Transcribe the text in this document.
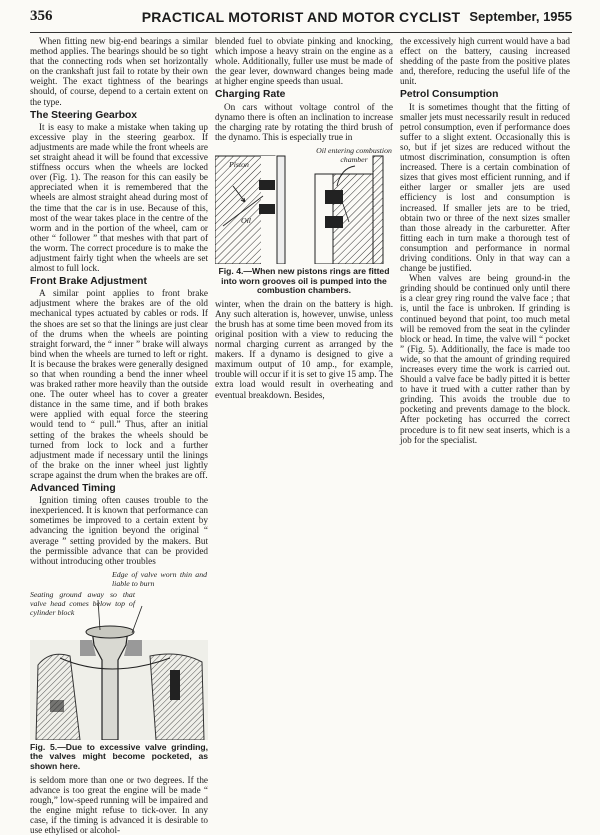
356	PRACTICAL MOTORIST AND MOTOR CYCLIST September, 1955

When fitting new big-end bearings a similar method applies. The bearings should be so tight that the connecting rods when set horizontally on the crankshaft just fail to rotate by their own weight. The exact tightness of the bearings should, of course, depend to a certain extent on the type.

The Steering Gearbox

It is easy to make a mistake when taking up excessive play in the steering gearbox. If adjustments are made while the front wheels are set straight ahead it will be found that excessive stiffness occurs when the wheels are locked over (Fig. 1). The reason for this can easily be appreciated when it is remembered that the wheels are almost straight ahead during most of the time that the car is in use. Because of this, most of the wear takes place in the centre of the worm and in the portion of the wheel, cam or other “ follower ” that meshes with that part of the worm. The correct procedure is to make the adjustment fairly tight when the wheels are set almost to full lock.

Front Brake Adjustment

A similar point applies to front brake adjustment where the brakes are of the old mechanical types actuated by cables or rods. If the shoes are set so that the linings are just clear of the drums when the wheels are pointing straight forward, the “ inner ” brake will always bind when the wheels are turned to left or right. It is because the brakes were generally designed so that when rounding a bend the inner wheel was braked rather more heavily than the outside one. The outer wheel has to cover a greater distance in the same time, and if both brakes were applied with equal force the steering would tend to “ pull.” Thus, after an initial setting of the brakes the wheels should be turned from lock to lock and a further adjustment made if necessary until the linings of the brake on the inner wheel just lightly scrape against the drum when the brakes are off.

Advanced Timing

Ignition timing often causes trouble to the inexperienced. It is known that performance can sometimes be improved to a certain extent by advancing the ignition beyond the original “ average ” setting provided by the makers. But the permissible advance that can be provided without introducing other troubles

Edge of valve worn thin and liable to burn
Seating ground away so that valve head comes below top of cylinder block
Fig. 5.—Due to excessive valve grinding, the valves might become pocketed, as shown here.

is seldom more than one or two degrees. If the advance is too great the engine will be made “ rough,” low-speed running will be impaired and the engine might refuse to tick-over. In any case, if the timing is advanced it is desirable to use ethylised or alcohol-

blended fuel to obviate pinking and knocking, which impose a heavy strain on the engine as a whole. Additionally, fuller use must be made of the gear lever, downward changes being made at higher engine speeds than usual.

Charging Rate

On cars without voltage control of the dynamo there is often an inclination to increase the charging rate by rotating the third brush of the dynamo. This is especially true in

Piston
Oil entering combustion chamber
Oil
Fig. 4.—When new pistons rings are fitted into worn grooves oil is pumped into the combustion chambers.

winter, when the drain on the battery is high. Any such alteration is, however, unwise, unless the brush has at some time been moved from its original position with a view to reducing the normal charging current as arranged by the makers. If a dynamo is designed to give a maximum output of 10 amp., for example, trouble will occur if it is set to give 15 amp. The extra load would result in overheating and eventual breakdown. Besides,

the excessively high current would have a bad effect on the battery, causing increased shedding of the paste from the positive plates and, therefore, reducing the useful life of the unit.

Petrol Consumption

It is sometimes thought that the fitting of smaller jets must necessarily result in reduced petrol consumption, even if performance does suffer to a slight extent. Occasionally this is so, but if jet sizes are reduced without the utmost discrimination, consumption is often increased. There is a certain combination of sizes that gives most efficient running, and if either larger or smaller jets are used efficiency is lost and consumption is increased. If smaller jets are to be tried, obtain two or three of the next sizes smaller than those already in the carburetter. After fitting each in turn make a thorough test of consumption and performance in normal driving conditions. Only in that way can a change be justified.

When valves are being ground-in the grinding should be continued only until there is a clear grey ring round the valve face ; that is, until the face is unbroken. If grinding is continued beyond that point, too much metal will be removed from the seat in the cylinder block or head. In time, the valve will “ pocket ” (Fig. 5). Additionally, the face is made too wide, so that the amount of grinding required increases every time the work is carried out. Should a valve face be badly pitted it is better to have it trued with a cutter rather than by grinding. This avoids the trouble due to pocketing and prevents damage to the block. After pocketing has occurred the correct procedure is to fit new seat inserts, which is a job for the specialist.
